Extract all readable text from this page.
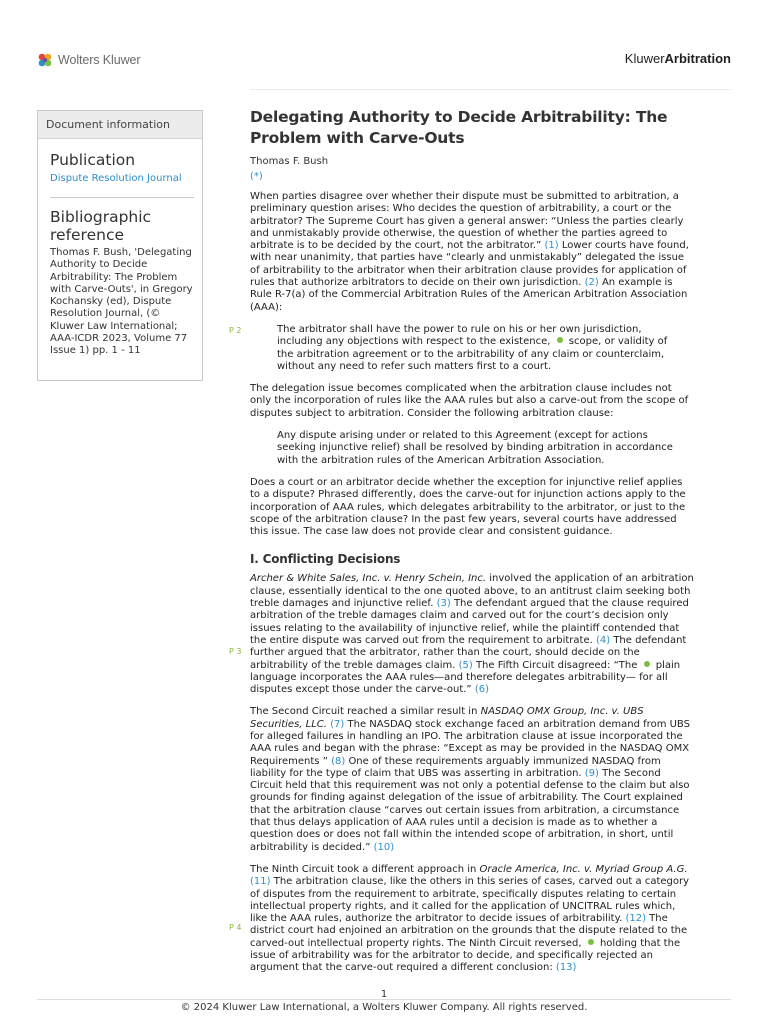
Wolters Kluwer	KluwerArbitration
Document information
Publication
Dispute Resolution Journal
Bibliographic reference
Thomas F. Bush, 'Delegating Authority to Decide Arbitrability: The Problem with Carve-Outs', in Gregory Kochansky (ed), Dispute Resolution Journal, (© Kluwer Law International; AAA-ICDR 2023, Volume 77 Issue 1) pp. 1 - 11
P 2
P 3
P 4
Delegating Authority to Decide Arbitrability: The Problem with Carve-Outs
Thomas F. Bush
(*)

When parties disagree over whether their dispute must be submitted to arbitration, a preliminary question arises: Who decides the question of arbitrability, a court or the arbitrator? The Supreme Court has given a general answer: “Unless the parties clearly and unmistakably provide otherwise, the question of whether the parties agreed to arbitrate is to be decided by the court, not the arbitrator.” (1) Lower courts have found, with near unanimity, that parties have “clearly and unmistakably” delegated the issue of arbitrability to the arbitrator when their arbitration clause provides for application of rules that authorize arbitrators to decide on their own jurisdiction. (2) An example is Rule R-7(a) of the Commercial Arbitration Rules of the American Arbitration Association (AAA):

The arbitrator shall have the power to rule on his or her own jurisdiction, including any objections with respect to the existence, scope, or validity of the arbitration agreement or to the arbitrability of any claim or counterclaim, without any need to refer such matters first to a court.

The delegation issue becomes complicated when the arbitration clause includes not only the incorporation of rules like the AAA rules but also a carve-out from the scope of disputes subject to arbitration. Consider the following arbitration clause:

Any dispute arising under or related to this Agreement (except for actions seeking injunctive relief) shall be resolved by binding arbitration in accordance with the arbitration rules of the American Arbitration Association.

Does a court or an arbitrator decide whether the exception for injunctive relief applies to a dispute? Phrased differently, does the carve-out for injunction actions apply to the incorporation of AAA rules, which delegates arbitrability to the arbitrator, or just to the scope of the arbitration clause? In the past few years, several courts have addressed this issue. The case law does not provide clear and consistent guidance.

I. Conflicting Decisions

Archer & White Sales, Inc. v. Henry Schein, Inc. involved the application of an arbitration clause, essentially identical to the one quoted above, to an antitrust claim seeking both treble damages and injunctive relief. (3) The defendant argued that the clause required arbitration of the treble damages claim and carved out for the court’s decision only issues relating to the availability of injunctive relief, while the plaintiff contended that the entire dispute was carved out from the requirement to arbitrate. (4) The defendant further argued that the arbitrator, rather than the court, should decide on the arbitrability of the treble damages claim. (5) The Fifth Circuit disagreed: “The plain language incorporates the AAA rules—and therefore delegates arbitrability— for all disputes except those under the carve-out.” (6)

The Second Circuit reached a similar result in NASDAQ OMX Group, Inc. v. UBS Securities, LLC. (7) The NASDAQ stock exchange faced an arbitration demand from UBS for alleged failures in handling an IPO. The arbitration clause at issue incorporated the AAA rules and began with the phrase: “Except as may be provided in the NASDAQ OMX Requirements ” (8) One of these requirements arguably immunized NASDAQ from liability for the type of claim that UBS was asserting in arbitration. (9) The Second Circuit held that this requirement was not only a potential defense to the claim but also grounds for finding against delegation of the issue of arbitrability. The Court explained that the arbitration clause “carves out certain issues from arbitration, a circumstance that thus delays application of AAA rules until a decision is made as to whether a question does or does not fall within the intended scope of arbitration, in short, until arbitrability is decided.” (10)

The Ninth Circuit took a different approach in Oracle America, Inc. v. Myriad Group A.G. (11) The arbitration clause, like the others in this series of cases, carved out a category of disputes from the requirement to arbitrate, specifically disputes relating to certain intellectual property rights, and it called for the application of UNCITRAL rules which, like the AAA rules, authorize the arbitrator to decide issues of arbitrability. (12) The district court had enjoined an arbitration on the grounds that the dispute related to the carved-out intellectual property rights. The Ninth Circuit reversed, holding that the issue of arbitrability was for the arbitrator to decide, and specifically rejected an argument that the carve-out required a different conclusion: (13)

1
© 2024 Kluwer Law International, a Wolters Kluwer Company. All rights reserved.
